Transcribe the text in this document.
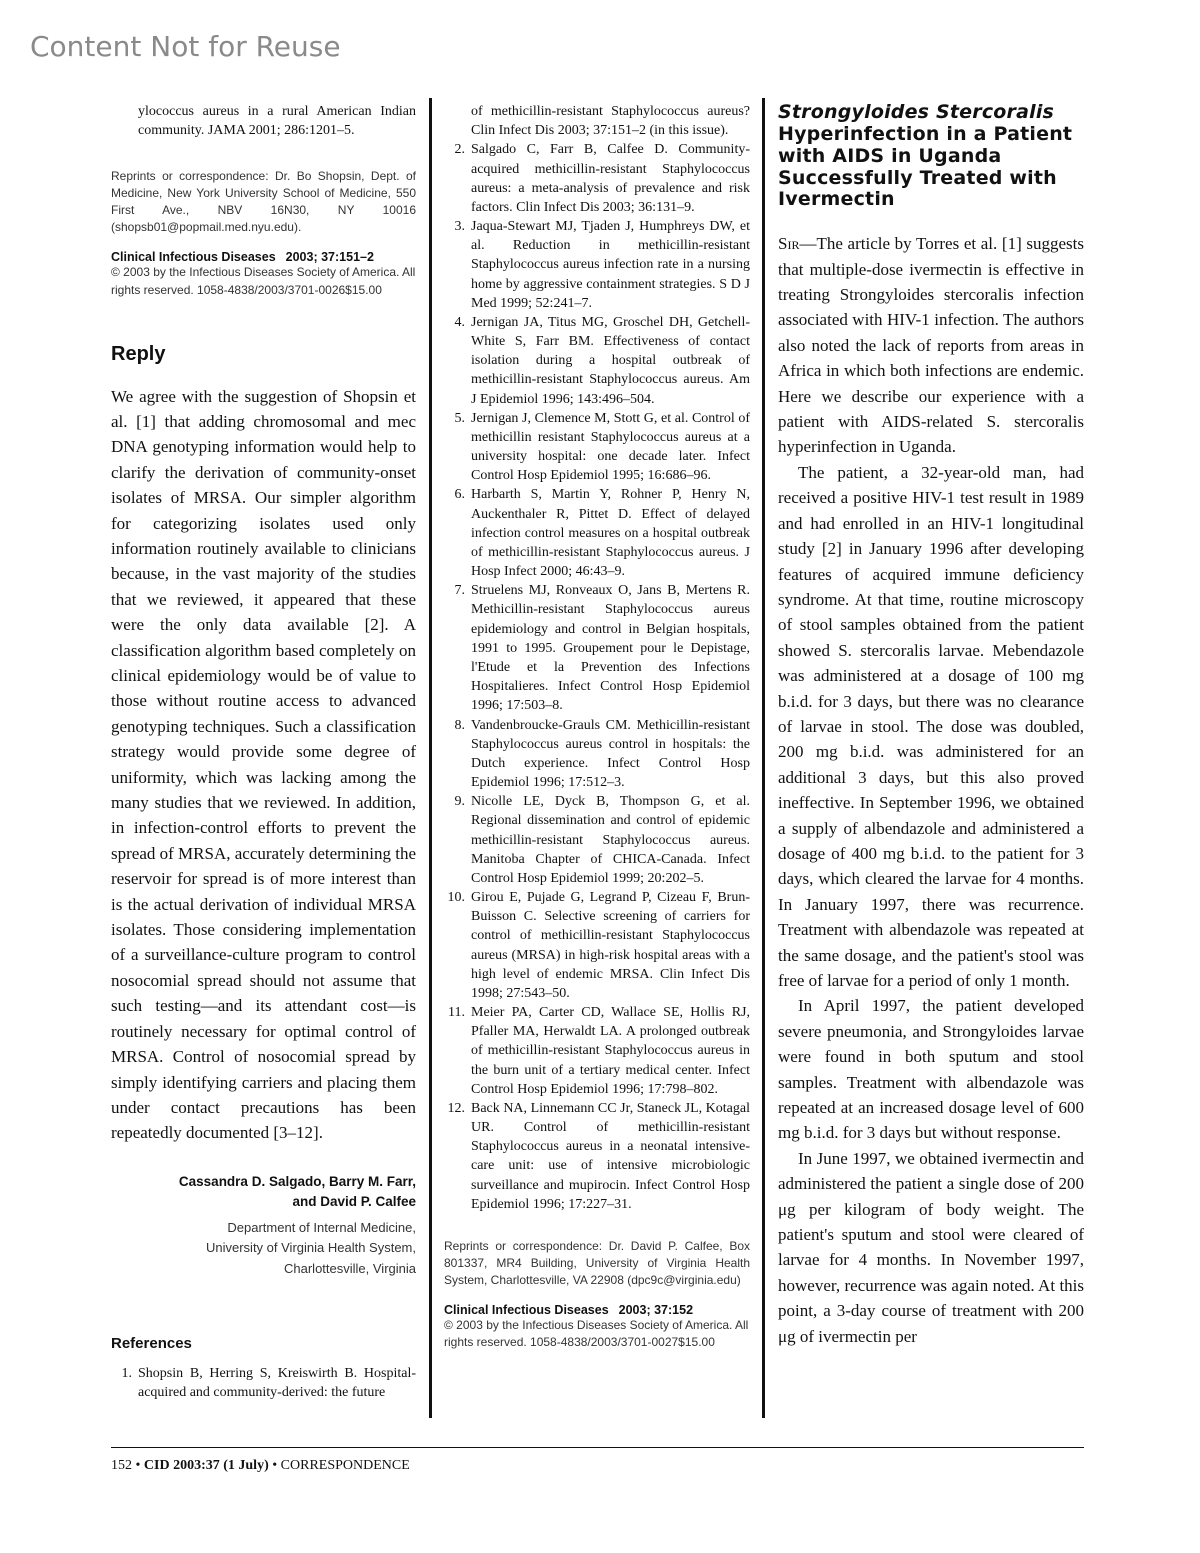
Content Not for Reuse
ylococcus aureus in a rural American Indian community. JAMA 2001; 286:1201–5.
Reprints or correspondence: Dr. Bo Shopsin, Dept. of Medicine, New York University School of Medicine, 550 First Ave., NBV 16N30, NY 10016 (shopsb01@popmail.med.nyu.edu).
Clinical Infectious Diseases 2003; 37:151–2
© 2003 by the Infectious Diseases Society of America. All rights reserved. 1058-4838/2003/3701-0026$15.00
Reply

We agree with the suggestion of Shopsin et al. [1] that adding chromosomal and mec DNA genotyping information would help to clarify the derivation of community-onset isolates of MRSA. Our simpler algorithm for categorizing isolates used only information routinely available to clinicians because, in the vast majority of the studies that we reviewed, it appeared that these were the only data available [2]. A classification algorithm based completely on clinical epidemiology would be of value to those without routine access to advanced genotyping techniques. Such a classification strategy would provide some degree of uniformity, which was lacking among the many studies that we reviewed. In addition, in infection-control efforts to prevent the spread of MRSA, accurately determining the reservoir for spread is of more interest than is the actual derivation of individual MRSA isolates. Those considering implementation of a surveillance-culture program to control nosocomial spread should not assume that such testing—and its attendant cost—is routinely necessary for optimal control of MRSA. Control of nosocomial spread by simply identifying carriers and placing them under contact precautions has been repeatedly documented [3–12].

Cassandra D. Salgado, Barry M. Farr,
and David P. Calfee
Department of Internal Medicine,
University of Virginia Health System,
Charlottesville, Virginia
References
1. Shopsin B, Herring S, Kreiswirth B. Hospital-acquired and community-derived: the future
of methicillin-resistant Staphylococcus aureus? Clin Infect Dis 2003; 37:151–2 (in this issue).
2. Salgado C, Farr B, Calfee D. Community-acquired methicillin-resistant Staphylococcus aureus: a meta-analysis of prevalence and risk factors. Clin Infect Dis 2003; 36:131–9.
3. Jaqua-Stewart MJ, Tjaden J, Humphreys DW, et al. Reduction in methicillin-resistant Staphylococcus aureus infection rate in a nursing home by aggressive containment strategies. S D J Med 1999; 52:241–7.
4. Jernigan JA, Titus MG, Groschel DH, Getchell-White S, Farr BM. Effectiveness of contact isolation during a hospital outbreak of methicillin-resistant Staphylococcus aureus. Am J Epidemiol 1996; 143:496–504.
5. Jernigan J, Clemence M, Stott G, et al. Control of methicillin resistant Staphylococcus aureus at a university hospital: one decade later. Infect Control Hosp Epidemiol 1995; 16:686–96.
6. Harbarth S, Martin Y, Rohner P, Henry N, Auckenthaler R, Pittet D. Effect of delayed infection control measures on a hospital outbreak of methicillin-resistant Staphylococcus aureus. J Hosp Infect 2000; 46:43–9.
7. Struelens MJ, Ronveaux O, Jans B, Mertens R. Methicillin-resistant Staphylococcus aureus epidemiology and control in Belgian hospitals, 1991 to 1995. Groupement pour le Depistage, l'Etude et la Prevention des Infections Hospitalieres. Infect Control Hosp Epidemiol 1996; 17:503–8.
8. Vandenbroucke-Grauls CM. Methicillin-resistant Staphylococcus aureus control in hospitals: the Dutch experience. Infect Control Hosp Epidemiol 1996; 17:512–3.
9. Nicolle LE, Dyck B, Thompson G, et al. Regional dissemination and control of epidemic methicillin-resistant Staphylococcus aureus. Manitoba Chapter of CHICA-Canada. Infect Control Hosp Epidemiol 1999; 20:202–5.
10. Girou E, Pujade G, Legrand P, Cizeau F, Brun-Buisson C. Selective screening of carriers for control of methicillin-resistant Staphylococcus aureus (MRSA) in high-risk hospital areas with a high level of endemic MRSA. Clin Infect Dis 1998; 27:543–50.
11. Meier PA, Carter CD, Wallace SE, Hollis RJ, Pfaller MA, Herwaldt LA. A prolonged outbreak of methicillin-resistant Staphylococcus aureus in the burn unit of a tertiary medical center. Infect Control Hosp Epidemiol 1996; 17:798–802.
12. Back NA, Linnemann CC Jr, Staneck JL, Kotagal UR. Control of methicillin-resistant Staphylococcus aureus in a neonatal intensive-care unit: use of intensive microbiologic surveillance and mupirocin. Infect Control Hosp Epidemiol 1996; 17:227–31.
Reprints or correspondence: Dr. David P. Calfee, Box 801337, MR4 Building, University of Virginia Health System, Charlottesville, VA 22908 (dpc9c@virginia.edu)
Clinical Infectious Diseases 2003; 37:152
© 2003 by the Infectious Diseases Society of America. All rights reserved. 1058-4838/2003/3701-0027$15.00
Strongyloides Stercoralis Hyperinfection in a Patient with AIDS in Uganda Successfully Treated with Ivermectin

Sir—The article by Torres et al. [1] suggests that multiple-dose ivermectin is effective in treating Strongyloides stercoralis infection associated with HIV-1 infection. The authors also noted the lack of reports from areas in Africa in which both infections are endemic. Here we describe our experience with a patient with AIDS-related S. stercoralis hyperinfection in Uganda.

The patient, a 32-year-old man, had received a positive HIV-1 test result in 1989 and had enrolled in an HIV-1 longitudinal study [2] in January 1996 after developing features of acquired immune deficiency syndrome. At that time, routine microscopy of stool samples obtained from the patient showed S. stercoralis larvae. Mebendazole was administered at a dosage of 100 mg b.i.d. for 3 days, but there was no clearance of larvae in stool. The dose was doubled, 200 mg b.i.d. was administered for an additional 3 days, but this also proved ineffective. In September 1996, we obtained a supply of albendazole and administered a dosage of 400 mg b.i.d. to the patient for 3 days, which cleared the larvae for 4 months. In January 1997, there was recurrence. Treatment with albendazole was repeated at the same dosage, and the patient's stool was free of larvae for a period of only 1 month.

In April 1997, the patient developed severe pneumonia, and Strongyloides larvae were found in both sputum and stool samples. Treatment with albendazole was repeated at an increased dosage level of 600 mg b.i.d. for 3 days but without response.

In June 1997, we obtained ivermectin and administered the patient a single dose of 200 μg per kilogram of body weight. The patient's sputum and stool were cleared of larvae for 4 months. In November 1997, however, recurrence was again noted. At this point, a 3-day course of treatment with 200 μg of ivermectin per

152 • CID 2003:37 (1 July) • CORRESPONDENCE
